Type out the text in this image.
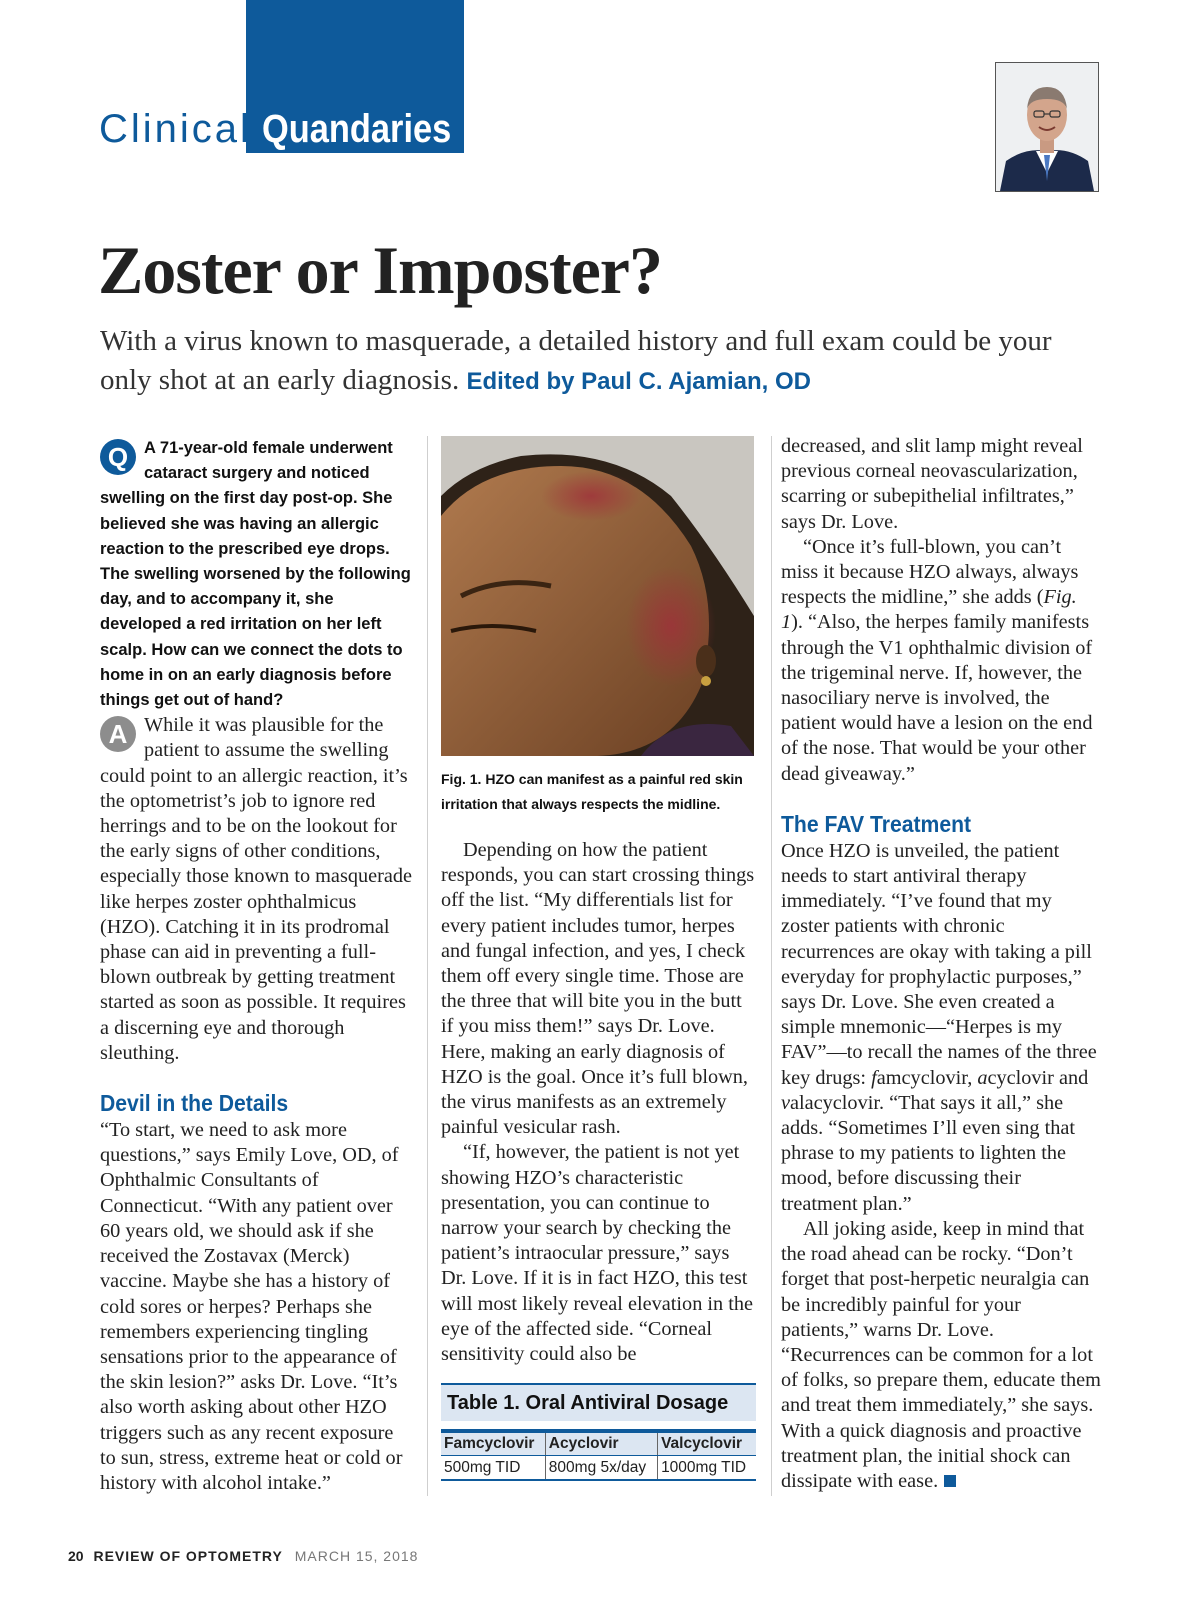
Clinical Quandaries
Zoster or Imposter?
With a virus known to masquerade, a detailed history and full exam could be your only shot at an early diagnosis. Edited by Paul C. Ajamian, OD

Q A 71-year-old female underwent cataract surgery and noticed swelling on the first day post-op. She believed she was having an allergic reaction to the prescribed eye drops. The swelling worsened by the following day, and to accompany it, she developed a red irritation on her left scalp. How can we connect the dots to home in on an early diagnosis before things get out of hand?

A While it was plausible for the patient to assume the swelling could point to an allergic reaction, it’s the optometrist’s job to ignore red herrings and to be on the lookout for the early signs of other conditions, especially those known to masquerade like herpes zoster ophthalmicus (HZO). Catching it in its prodromal phase can aid in preventing a full-blown outbreak by getting treatment started as soon as possible. It requires a discerning eye and thorough sleuthing.

Devil in the Details

“To start, we need to ask more questions,” says Emily Love, OD, of Ophthalmic Consultants of Connecticut. “With any patient over 60 years old, we should ask if she received the Zostavax (Merck) vaccine. Maybe she has a history of cold sores or herpes? Perhaps she remembers experiencing tingling sensations prior to the appearance of the skin lesion?” asks Dr. Love. “It’s also worth asking about other HZO triggers such as any recent exposure to sun, stress, extreme heat or cold or history with alcohol intake.”

Fig. 1. HZO can manifest as a painful red skin irritation that always respects the midline.

Depending on how the patient responds, you can start crossing things off the list. “My differentials list for every patient includes tumor, herpes and fungal infection, and yes, I check them off every single time. Those are the three that will bite you in the butt if you miss them!” says Dr. Love. Here, making an early diagnosis of HZO is the goal. Once it’s full blown, the virus manifests as an extremely painful vesicular rash.

“If, however, the patient is not yet showing HZO’s characteristic presentation, you can continue to narrow your search by checking the patient’s intraocular pressure,” says Dr. Love. If it is in fact HZO, this test will most likely reveal elevation in the eye of the affected side. “Corneal sensitivity could also be

Table 1. Oral Antiviral Dosage
Famcyclovir	Acyclovir	Valcyclovir
500mg TID	800mg 5x/day	1000mg TID

decreased, and slit lamp might reveal previous corneal neovascularization, scarring or subepithelial infiltrates,” says Dr. Love.

“Once it’s full-blown, you can’t miss it because HZO always, always respects the midline,” she adds (Fig. 1). “Also, the herpes family manifests through the V1 ophthalmic division of the trigeminal nerve. If, however, the nasociliary nerve is involved, the patient would have a lesion on the end of the nose. That would be your other dead giveaway.”

The FAV Treatment

Once HZO is unveiled, the patient needs to start antiviral therapy immediately. “I’ve found that my zoster patients with chronic recurrences are okay with taking a pill everyday for prophylactic purposes,” says Dr. Love. She even created a simple mnemonic—“Herpes is my FAV”—to recall the names of the three key drugs: famcyclovir, acyclovir and valacyclovir. “That says it all,” she adds. “Sometimes I’ll even sing that phrase to my patients to lighten the mood, before discussing their treatment plan.”

All joking aside, keep in mind that the road ahead can be rocky. “Don’t forget that post-herpetic neuralgia can be incredibly painful for your patients,” warns Dr. Love. “Recurrences can be common for a lot of folks, so prepare them, educate them and treat them immediately,” she says. With a quick diagnosis and proactive treatment plan, the initial shock can dissipate with ease.

20 REVIEW OF OPTOMETRY MARCH 15, 2018
